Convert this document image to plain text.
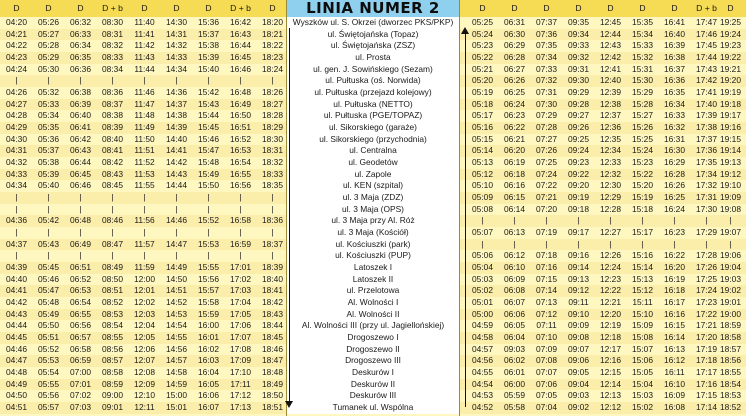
D	D	D	D + b	D	D	D	D + b	D	D	D	D	D	D	D	D	D + b	D
LINIA NUMER 2
04:20	05:26	06:32	08:30	11:40	14:30	15:36	16:42	18:20	Wyszków ul. S. Okrzei (dworzec PKS/PKP)	05:25	06:31	07:37	09:35	12:45	15:35	16:41	17:47 19:25
04:21	05:27	06:33	08:31	11:41	14:31	15:37	16:43	18:21	ul. Świętojańska (Topaz)	05:24	06:30	07:36	09:34	12:44	15:34	16:40	17:46 19:24
04:22	05:28	06:34	08:32	11:42	14:32	15:38	16:44	18:22	ul. Świętojańska (ZSZ)	05:23	06:29	07:35	09:33	12:43	15:33	16:39	17:45 19:23
04:23	05:29	06:35	08:33	11:43	14:33	15:39	16:45	18:23	ul. Prosta	05:22	06:28	07:34	09:32	12:42	15:32	16:38	17:44 19:22
04:24	05:30	06:36	08:34	11:44	14:34	15:40	16:46	18:24	ul. gen. J. Sowińskiego (Sezam)	05:21	06:27	07:33	09:31	12:41	15:31	16:37	17:43 19:21
|	|	|	|	|	|	|	|	|	ul. Pułtuska (oś. Norwida)	05:20	06:26	07:32	09:30	12:40	15:30	16:36	17:42 19:20
04:26	05:32	06:38	08:36	11:46	14:36	15:42	16:48	18:26	ul. Pułtuska (przejazd kolejowy)	05:19	06:25	07:31	09:29	12:39	15:29	16:35	17:41 19:19
04:27	05:33	06:39	08:37	11:47	14:37	15:43	16:49	18:27	ul. Pułtuska (NETTO)	05:18	06:24	07:30	09:28	12:38	15:28	16:34	17:40 19:18
04:28	05:34	06:40	08:38	11:48	14:38	15:44	16:50	18:28	ul. Pułtuska (PGE/TOPAZ)	05:17	06:23	07:29	09:27	12:37	15:27	16:33	17:39 19:17
04:29	05:35	06:41	08:39	11:49	14:39	15:45	16:51	18:29	ul. Sikorskiego (garaże)	05:16	06:22	07:28	09:26	12:36	15:26	16:32	17:38 19:16
04:30	05:36	06:42	08:40	11:50	14:40	15:46	16:52	18:30	ul. Sikorskiego (przychodnia)	05:15	06:21	07:27	09:25	12:35	15:25	16:31	17:37 19:15
04:31	05:37	06:43	08:41	11:51	14:41	15:47	16:53	18:31	ul. Centralna	05:14	06:20	07:26	09:24	12:34	15:24	16:30	17:36 19:14
04:32	05:38	06:44	08:42	11:52	14:42	15:48	16:54	18:32	ul. Geodetów	05:13	06:19	07:25	09:23	12:33	15:23	16:29	17:35 19:13
04:33	05:39	06:45	08:43	11:53	14:43	15:49	16:55	18:33	ul. Zapole	05:12	06:18	07:24	09:22	12:32	15:22	16:28	17:34 19:12
04:34	05:40	06:46	08:45	11:55	14:44	15:50	16:56	18:35	ul. KEN (szpital)	05:10	06:16	07:22	09:20	12:30	15:20	16:26	17:32 19:10
|	|	|	|	|	|	|	|	|	ul. 3 Maja (ZDZ)	05:09	06:15	07:21	09:19	12:29	15:19	16:25	17:31 19:09
|	|	|	|	|	|	|	|	|	ul. 3 Maja (OPS)	05:08	06:14	07:20	09:18	12:28	15:18	16:24	17:30 19:08
04:36	05:42	06:48	08:46	11:56	14:46	15:52	16:58	18:36	ul. 3 Maja przy Al. Róż	|	|	|	|	|	|	|	|	|
|	|	|	|	|	|	|	|	|	ul. 3 Maja (Kościół)	05:07	06:13	07:19	09:17	12:27	15:17	16:23	17:29 19:07
04:37	05:43	06:49	08:47	11:57	14:47	15:53	16:59	18:37	ul. Kościuszki (park)	|	|	|	|	|	|	|	|	|
|	|	|	|	|	|	|	|	|	ul. Kościuszki (PUP)	05:06	06:12	07:18	09:16	12:26	15:16	16:22	17:28 19:06
04:39	05:45	06:51	08:49	11:59	14:49	15:55	17:01	18:39	Latoszek I	05:04	06:10	07:16	09:14	12:24	15:14	16:20	17:26 19:04
04:40	05:46	06:52	08:50	12:00	14:50	15:56	17:02	18:40	Latoszek II	05:03	06:09	07:15	09:13	12:23	15:13	16:19	17:25 19:03
04:41	05:47	06:53	08:51	12:01	14:51	15:57	17:03	18:41	ul. Przelotowa	05:02	06:08	07:14	09:12	12:22	15:12	16:18	17:24 19:02
04:42	05:48	06:54	08:52	12:02	14:52	15:58	17:04	18:42	Al. Wolności I	05:01	06:07	07:13	09:11	12:21	15:11	16:17	17:23 19:01
04:43	05:49	06:55	08:53	12:03	14:53	15:59	17:05	18:43	Al. Wolności II	05:00	06:06	07:12	09:10	12:20	15:10	16:16	17:22 19:00
04:44	05:50	06:56	08:54	12:04	14:54	16:00	17:06	18:44	Al. Wolności III (przy ul. Jagiellońskiej)	04:59	06:05	07:11	09:09	12:19	15:09	16:15	17:21 18:59
04:45	05:51	06:57	08:55	12:05	14:55	16:01	17:07	18:45	Drogoszewo I	04:58	06:04	07:10	09:08	12:18	15:08	16:14	17:20 18:58
04:46	05:52	06:58	08:56	12:06	14:56	16:02	17:08	18:46	Drogoszewo II	04:57	09:03	07:09	09:07	12:17	15:07	16:13	17:19 18:57
04:47	05:53	06:59	08:57	12:07	14:57	16:03	17:09	18:47	Drogoszewo III	04:56	06:02	07:08	09:06	12:16	15:06	16:12	17:18 18:56
04:48	05:54	07:00	08:58	12:08	14:58	16:04	17:10	18:48	Deskurów I	04:55	06:01	07:07	09:05	12:15	15:05	16:11	17:17 18:55
04:49	05:55	07:01	08:59	12:09	14:59	16:05	17:11	18:49	Deskurów II	04:54	06:00	07:06	09:04	12:14	15:04	16:10	17:16 18:54
04:50	05:56	07:02	09:00	12:10	15:00	16:06	17:12	18:50	Deskurów III	04:53	05:59	07:05	09:03	12:13	15:03	16:09	17:15 18:53
04:51	05:57	07:03	09:01	12:11	15:01	16:07	17:13	18:51	Tumanek ul. Wspólna	04:52	05:58	07:04	09:02	12:12	15:02	16:08	17:14 18:52
